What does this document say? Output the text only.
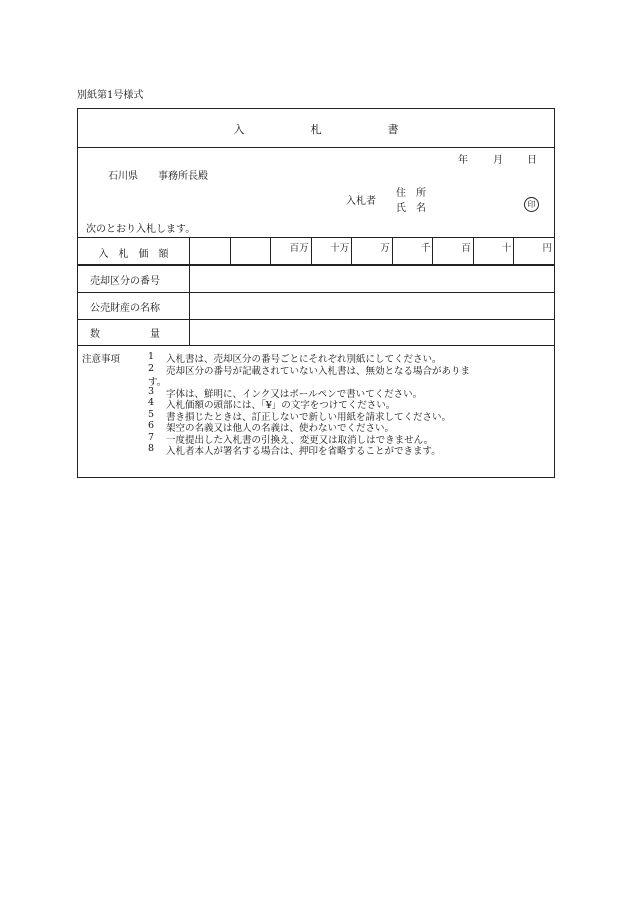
別紙第1号様式
入　　　　　　札　　　　　　書
年	月 日
石川県　　事務所長殿
入札者
住　所
氏　名	印
次のとおり入札します。
入　札　価　額
百万	十万	万	千	百	十	円
売却区分の番号
公売財産の名称
数　　　　　量
注意事項	1 入札書は、売却区分の番号ごとにそれぞれ別紙にしてください。
2 売却区分の番号が記載されていない入札書は、無効となる場合がありま
す。
3 字体は、鮮明に、インク又はボールペンで書いてください。
4 入札価額の頭部には、「¥」の文字をつけてください。
5 書き損じたときは、訂正しないで新しい用紙を請求してください。
6 架空の名義又は他人の名義は、使わないでください。
7 一度提出した入札書の引換え、変更又は取消しはできません。
8 入札者本人が署名する場合は、押印を省略することができます。
